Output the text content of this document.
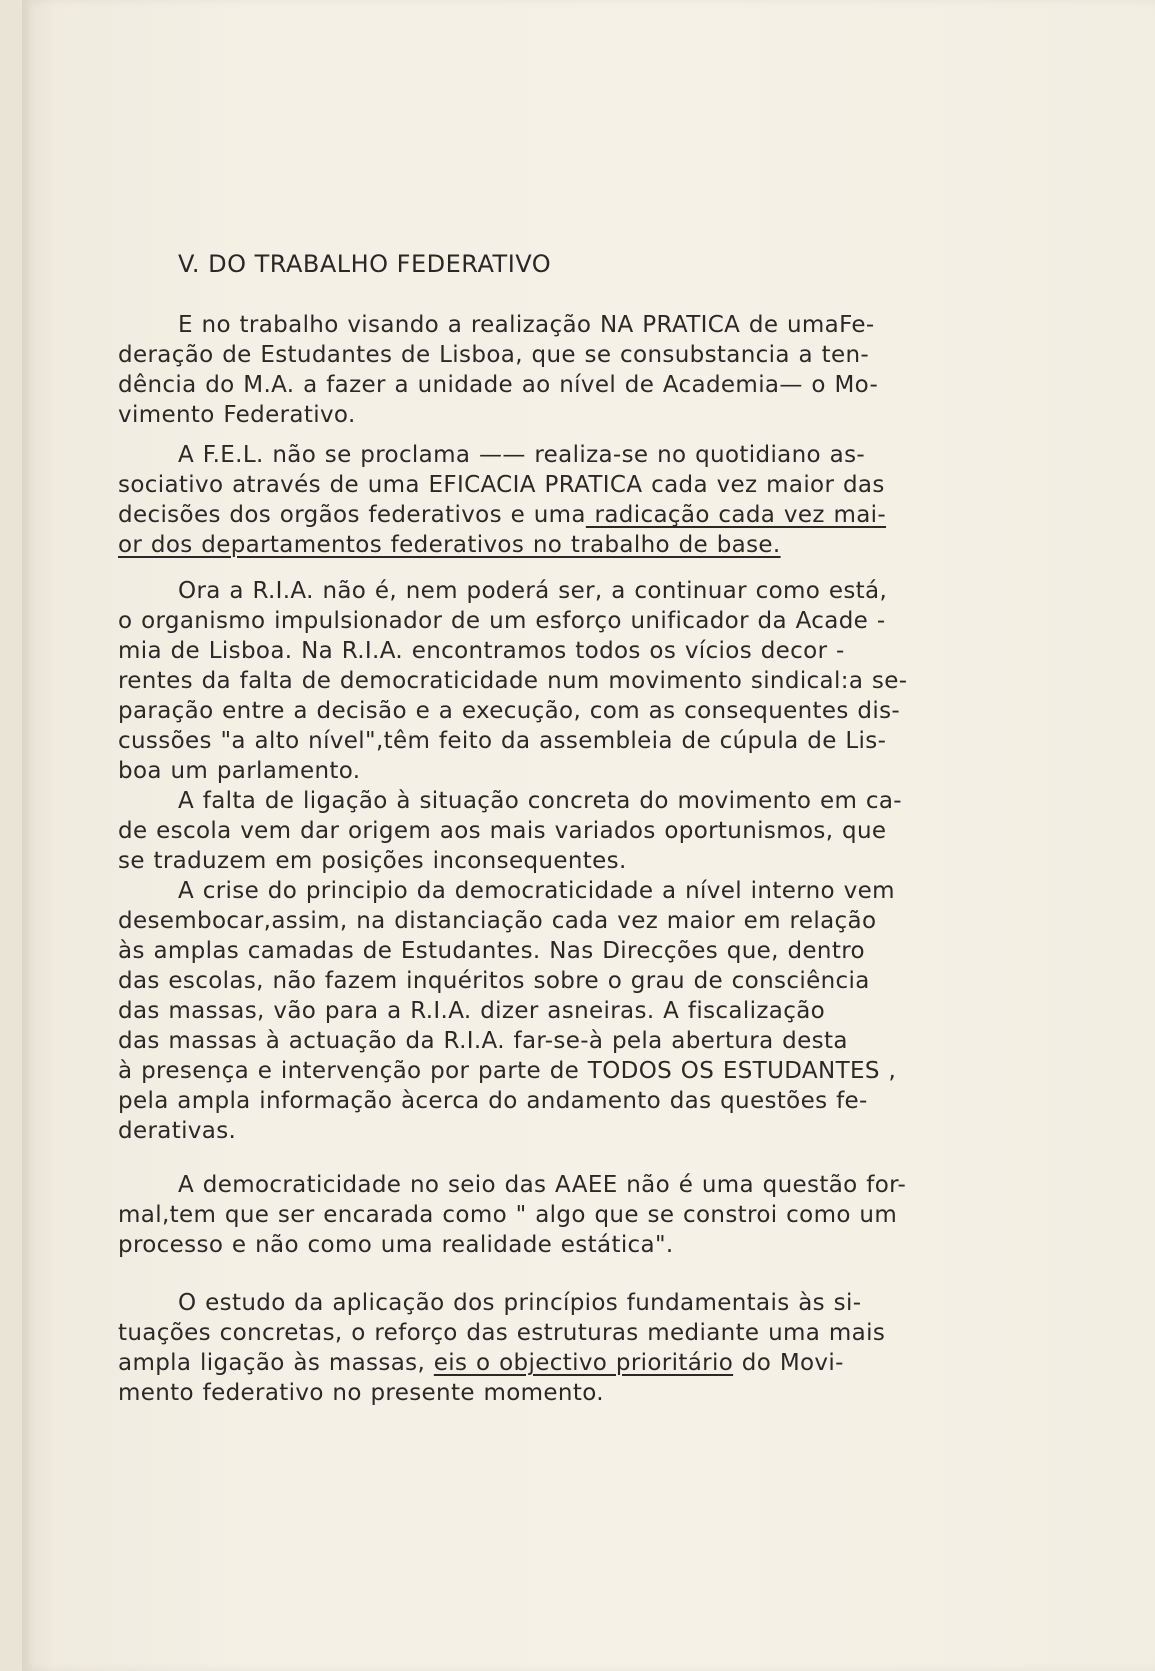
V. DO TRABALHO FEDERATIVO
E no trabalho visando a realização NA PRATICA de umaFe-
deração de Estudantes de Lisboa, que se consubstancia a ten-
dência do M.A. a fazer a unidade ao nível de Academia— o Mo-
vimento Federativo.
A F.E.L. não se proclama —— realiza-se no quotidiano as-
sociativo através de uma EFICACIA PRATICA cada vez maior das
decisões dos orgãos federativos e uma radicação cada vez mai-
or dos departamentos federativos no trabalho de base.
Ora a R.I.A. não é, nem poderá ser, a continuar como está,
o organismo impulsionador de um esforço unificador da Acade -
mia de Lisboa. Na R.I.A. encontramos todos os vícios decor -
rentes da falta de democraticidade num movimento sindical:a se-
paração entre a decisão e a execução, com as consequentes dis-
cussões "a alto nível",têm feito da assembleia de cúpula de Lis-
boa um parlamento.
A falta de ligação à situação concreta do movimento em ca-
de escola vem dar origem aos mais variados oportunismos, que
se traduzem em posições inconsequentes.
A crise do principio da democraticidade a nível interno vem
desembocar,assim, na distanciação cada vez maior em relação
às amplas camadas de Estudantes. Nas Direcções que, dentro
das escolas, não fazem inquéritos sobre o grau de consciência
das massas, vão para a R.I.A. dizer asneiras. A fiscalização
das massas à actuação da R.I.A. far-se-à pela abertura desta
à presença e intervenção por parte de TODOS OS ESTUDANTES ,
pela ampla informação àcerca do andamento das questões fe-
derativas.
A democraticidade no seio das AAEE não é uma questão for-
mal,tem que ser encarada como " algo que se constroi como um
processo e não como uma realidade estática".
O estudo da aplicação dos princípios fundamentais às si-
tuações concretas, o reforço das estruturas mediante uma mais
ampla ligação às massas, eis o objectivo prioritário do Movi-
mento federativo no presente momento.
